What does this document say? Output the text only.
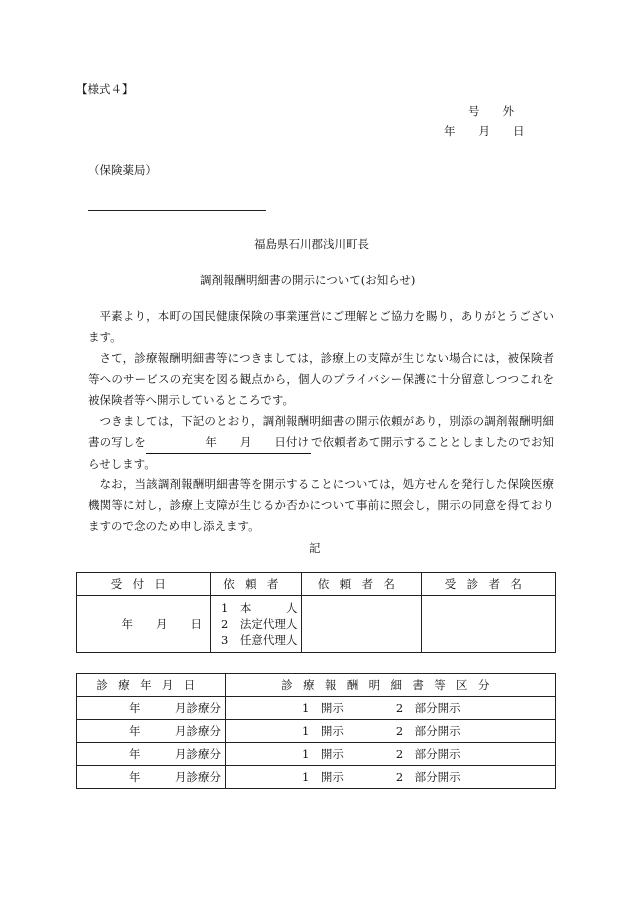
【様式４】
号　　外
年　　月　　日
（保険薬局）
福島県石川郡浅川町長
調剤報酬明細書の開示について(お知らせ)
平素より，本町の国民健康保険の事業運営にご理解とご協力を賜り，ありがとうございます。
さて，診療報酬明細書等につきましては，診療上の支障が生じない場合には，被保険者等へのサービスの充実を図る観点から，個人のプライバシー保護に十分留意しつつこれを被保険者等へ開示しているところです。
つきましては，下記のとおり，調剤報酬明細書の開示依頼があり，別添の調剤報酬明細書の写しを　　　　年　　月　　日付け で依頼者あて開示することとしましたのでお知らせします。
なお，当該調剤報酬明細書等を開示することについては，処方せんを発行した保険医療機関等に対し，診療上支障が生じるか否かについて事前に照会し，開示の同意を得ておりますので念のため申し添えます。
記
受付日	依頼者	依頼者名	受診者名
年　　月　　日	1　本　　　人
2　法定代理人
3　任意代理人		

診療年月日	診療報酬明細書等区分
年　　　月診療分	1　開示 2　部分開示
年　　　月診療分	1　開示 2　部分開示
年　　　月診療分	1　開示 2　部分開示
年　　　月診療分	1　開示 2　部分開示
